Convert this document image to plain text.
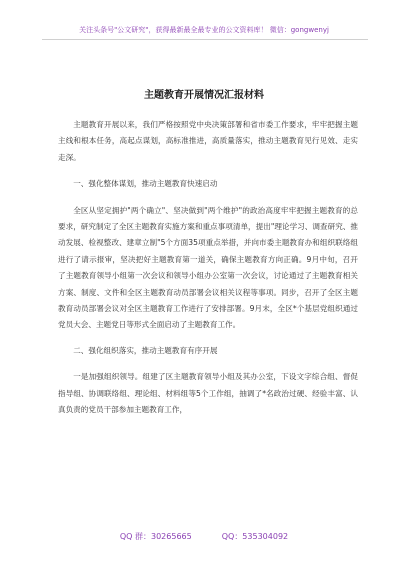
关注头条号"公文研究"，获得最新最全最专业的公文资料库！ 微信：gongwenyj
主题教育开展情况汇报材料

主题教育开展以来，我们严格按照党中央决策部署和省市委工作要求，牢牢把握主题主线和根本任务，高起点谋划，高标准推进，高质量落实，推动主题教育见行见效、走实走深。

一、强化整体谋划，推动主题教育快速启动

全区从坚定拥护"两个确立"、坚决做到"两个维护"的政治高度牢牢把握主题教育的总要求，研究制定了全区主题教育实施方案和重点事项清单，提出"理论学习、调查研究、推动发展、检视整改、建章立制"5个方面35项重点举措，并向市委主题教育办和组织联络组进行了请示报审，坚决把好主题教育第一道关，确保主题教育方向正确。9月中旬，召开了主题教育领导小组第一次会议和领导小组办公室第一次会议，讨论通过了主题教育相关方案、制度、文件和全区主题教育动员部署会议相关议程等事项。同步，召开了全区主题教育动员部署会议对全区主题教育工作进行了安排部署。9月末，全区*个基层党组织通过党员大会、主题党日等形式全面启动了主题教育工作。

二、强化组织落实，推动主题教育有序开展

一是加强组织领导。组建了区主题教育领导小组及其办公室，下设文字综合组、督促指导组、协调联络组、理论组、材料组等5个工作组，抽调了*名政治过硬、经验丰富、认真负责的党员干部参加主题教育工作，

QQ 群：30265665	QQ：535304092
